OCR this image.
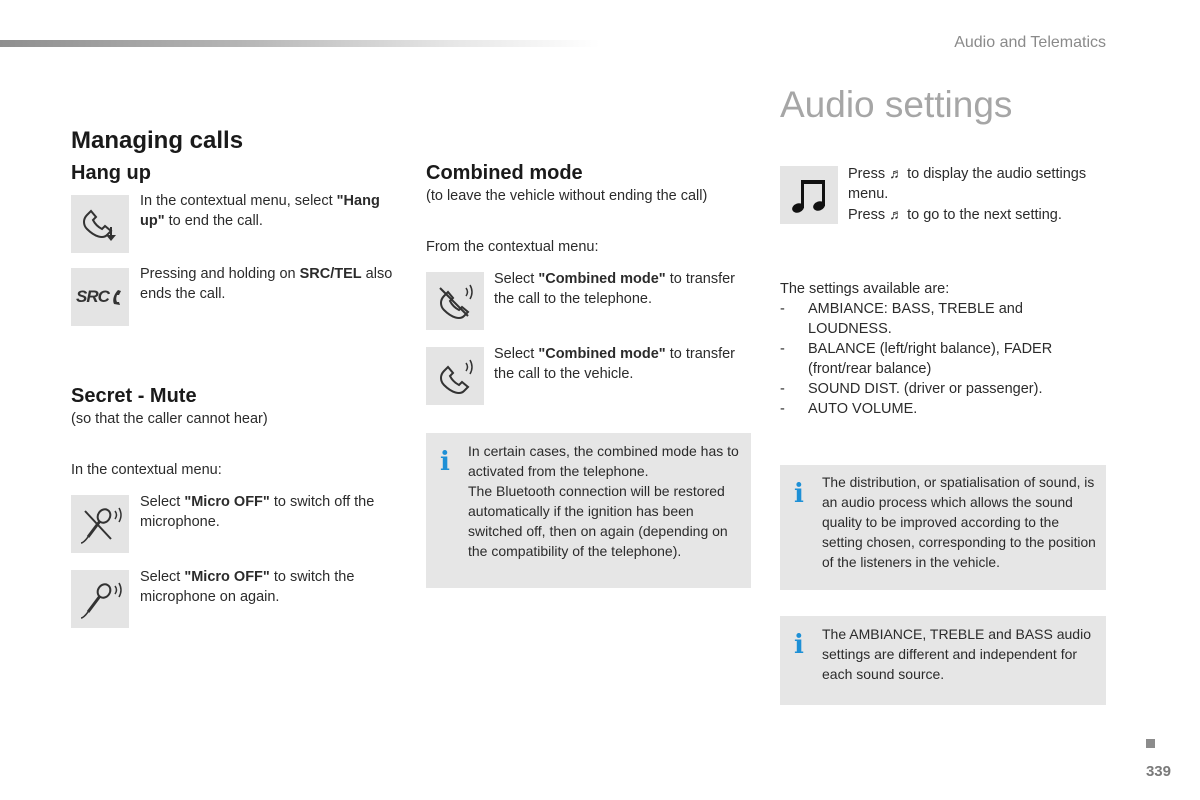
Audio and Telematics
Managing calls
Hang up
In the contextual menu, select "Hang up" to end the call.
SRC
Pressing and holding on SRC/TEL also ends the call.
Secret - Mute
(so that the caller cannot hear)
In the contextual menu:
Select "Micro OFF" to switch off the microphone.
Select "Micro OFF" to switch the microphone on again.
Combined mode
(to leave the vehicle without ending the call)
From the contextual menu:
Select "Combined mode" to transfer the call to the telephone.
Select "Combined mode" to transfer the call to the vehicle.
i In certain cases, the combined mode has to activated from the telephone.
The Bluetooth connection will be restored automatically if the ignition has been switched off, then on again (depending on the compatibility of the telephone).
Audio settings
Press ♬ to display the audio settings menu.
Press ♬ to go to the next setting.
The settings available are:
- AMBIANCE: BASS, TREBLE and LOUDNESS.
- BALANCE (left/right balance), FADER (front/rear balance)
- SOUND DIST. (driver or passenger).
- AUTO VOLUME.
i The distribution, or spatialisation of sound, is an audio process which allows the sound quality to be improved according to the setting chosen, corresponding to the position of the listeners in the vehicle.
i The AMBIANCE, TREBLE and BASS audio settings are different and independent for each sound source.
339
